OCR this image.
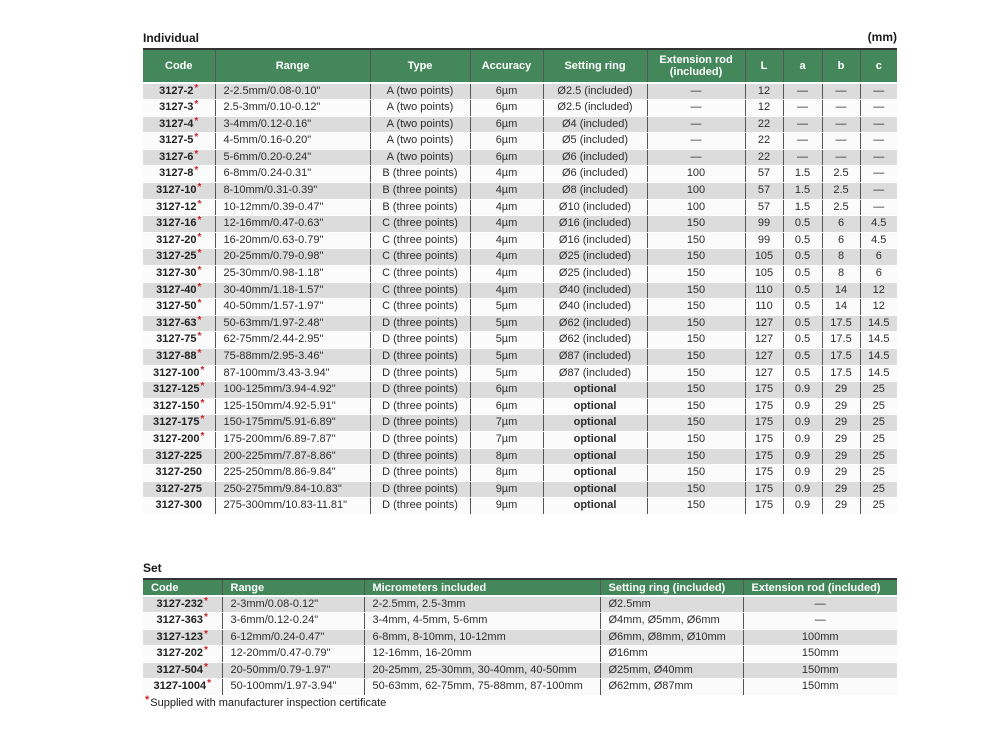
Individual	(mm)
Code	Range	Type	Accuracy	Setting ring	Extension rod (included)	L	a	b	c
3127-2*	2-2.5mm/0.08-0.10"	A (two points)	6µm	Ø2.5 (included)	—	12	—	—	—
3127-3*	2.5-3mm/0.10-0.12"	A (two points)	6µm	Ø2.5 (included)	—	12	—	—	—
3127-4*	3-4mm/0.12-0.16"	A (two points)	6µm	Ø4 (included)	—	22	—	—	—
3127-5*	4-5mm/0.16-0.20"	A (two points)	6µm	Ø5 (included)	—	22	—	—	—
3127-6*	5-6mm/0.20-0.24"	A (two points)	6µm	Ø6 (included)	—	22	—	—	—
3127-8*	6-8mm/0.24-0.31"	B (three points)	4µm	Ø6 (included)	100	57	1.5	2.5	—
3127-10*	8-10mm/0.31-0.39"	B (three points)	4µm	Ø8 (included)	100	57	1.5	2.5	—
3127-12*	10-12mm/0.39-0.47"	B (three points)	4µm	Ø10 (included)	100	57	1.5	2.5	—
3127-16*	12-16mm/0.47-0.63"	C (three points)	4µm	Ø16 (included)	150	99	0.5	6	4.5
3127-20*	16-20mm/0.63-0.79"	C (three points)	4µm	Ø16 (included)	150	99	0.5	6	4.5
3127-25*	20-25mm/0.79-0.98"	C (three points)	4µm	Ø25 (included)	150	105	0.5	8	6
3127-30*	25-30mm/0.98-1.18"	C (three points)	4µm	Ø25 (included)	150	105	0.5	8	6
3127-40*	30-40mm/1.18-1.57"	C (three points)	4µm	Ø40 (included)	150	110	0.5	14	12
3127-50*	40-50mm/1.57-1.97"	C (three points)	5µm	Ø40 (included)	150	110	0.5	14	12
3127-63*	50-63mm/1.97-2.48"	D (three points)	5µm	Ø62 (included)	150	127	0.5	17.5	14.5
3127-75*	62-75mm/2.44-2.95"	D (three points)	5µm	Ø62 (included)	150	127	0.5	17.5	14.5
3127-88*	75-88mm/2.95-3.46"	D (three points)	5µm	Ø87 (included)	150	127	0.5	17.5	14.5
3127-100*	87-100mm/3.43-3.94"	D (three points)	5µm	Ø87 (included)	150	127	0.5	17.5	14.5
3127-125*	100-125mm/3.94-4.92"	D (three points)	6µm	optional	150	175	0.9	29	25
3127-150*	125-150mm/4.92-5.91"	D (three points)	6µm	optional	150	175	0.9	29	25
3127-175*	150-175mm/5.91-6.89"	D (three points)	7µm	optional	150	175	0.9	29	25
3127-200*	175-200mm/6.89-7.87"	D (three points)	7µm	optional	150	175	0.9	29	25
3127-225	200-225mm/7.87-8.86"	D (three points)	8µm	optional	150	175	0.9	29	25
3127-250	225-250mm/8.86-9.84"	D (three points)	8µm	optional	150	175	0.9	29	25
3127-275	250-275mm/9.84-10.83"	D (three points)	9µm	optional	150	175	0.9	29	25
3127-300	275-300mm/10.83-11.81"	D (three points)	9µm	optional	150	175	0.9	29	25
Set
Code	Range	Micrometers included	Setting ring (included)	Extension rod (included)
3127-232*	2-3mm/0.08-0.12"	2-2.5mm, 2.5-3mm	Ø2.5mm	—
3127-363*	3-6mm/0.12-0.24"	3-4mm, 4-5mm, 5-6mm	Ø4mm, Ø5mm, Ø6mm	—
3127-123*	6-12mm/0.24-0.47"	6-8mm, 8-10mm, 10-12mm	Ø6mm, Ø8mm, Ø10mm	100mm
3127-202*	12-20mm/0.47-0.79"	12-16mm, 16-20mm	Ø16mm	150mm
3127-504*	20-50mm/0.79-1.97"	20-25mm, 25-30mm, 30-40mm, 40-50mm	Ø25mm, Ø40mm	150mm
3127-1004*	50-100mm/1.97-3.94"	50-63mm, 62-75mm, 75-88mm, 87-100mm	Ø62mm, Ø87mm	150mm
*Supplied with manufacturer inspection certificate
